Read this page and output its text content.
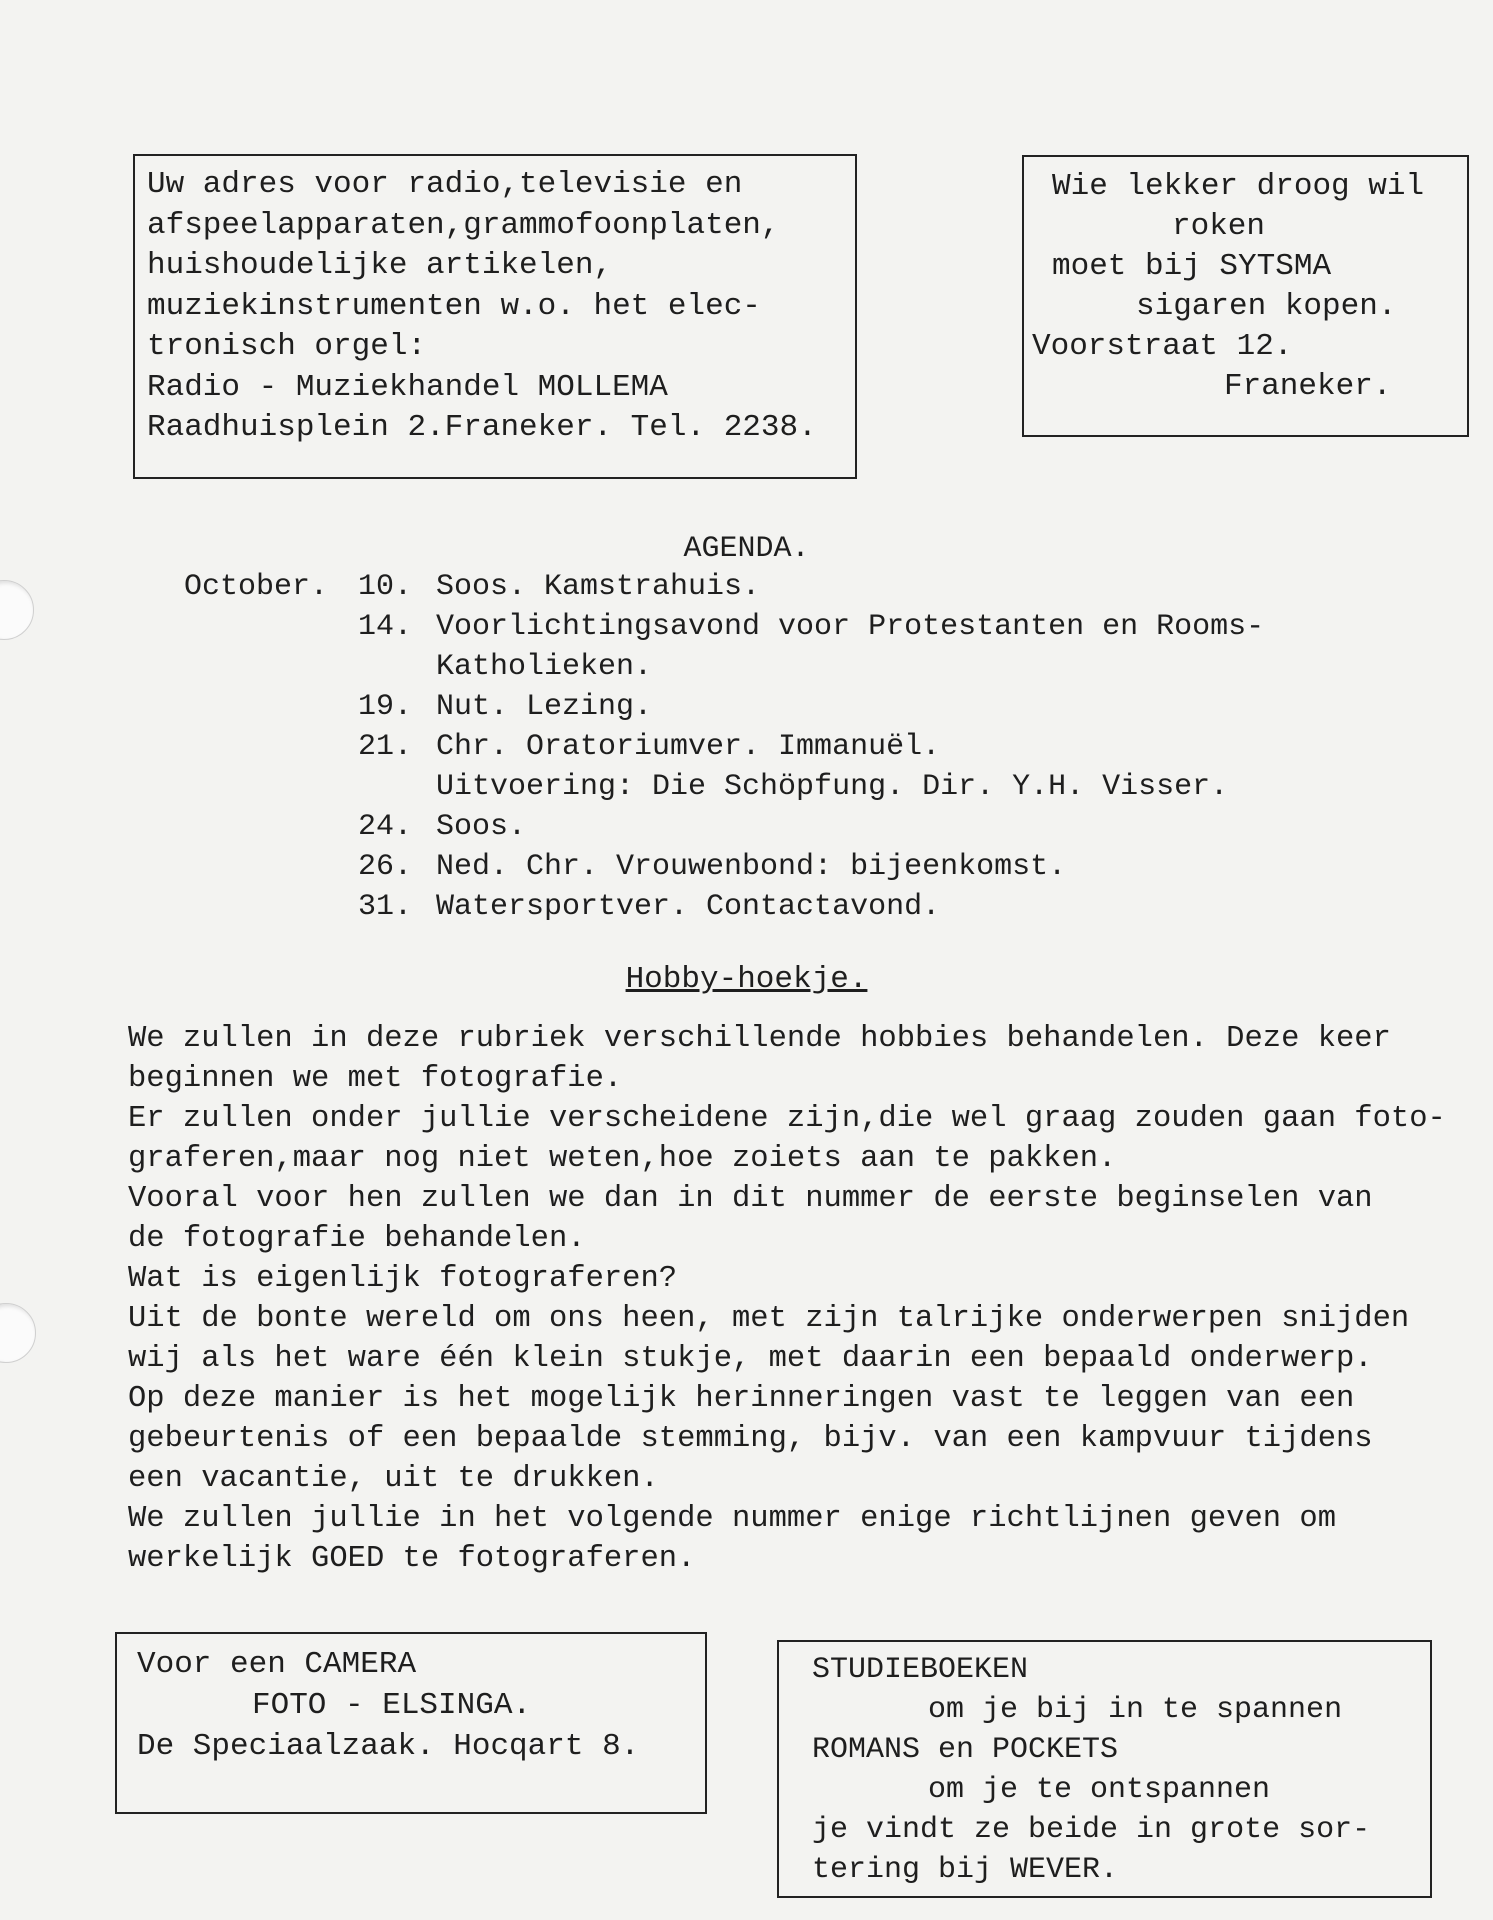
Uw adres voor radio,televisie en
afspeelapparaten,grammofoonplaten,
huishoudelijke artikelen,
muziekinstrumenten w.o. het elec-
tronisch orgel:
Radio - Muziekhandel MOLLEMA
Raadhuisplein 2.Franeker. Tel. 2238.
Wie lekker droog wil
roken
moet bij SYTSMA
sigaren kopen.
Voorstraat 12.
Franeker.
AGENDA.
October. 10. Soos. Kamstrahuis.
14. Voorlichtingsavond voor Protestanten en Rooms-
Katholieken.
19. Nut. Lezing.
21. Chr. Oratoriumver. Immanuël.
Uitvoering: Die Schöpfung. Dir. Y.H. Visser.
24. Soos.
26. Ned. Chr. Vrouwenbond: bijeenkomst.
31. Watersportver. Contactavond.
Hobby-hoekje.
We zullen in deze rubriek verschillende hobbies behandelen. Deze keer
beginnen we met fotografie.
Er zullen onder jullie verscheidene zijn,die wel graag zouden gaan foto-
graferen,maar nog niet weten,hoe zoiets aan te pakken.
Vooral voor hen zullen we dan in dit nummer de eerste beginselen van
de fotografie behandelen.
Wat is eigenlijk fotograferen?
Uit de bonte wereld om ons heen, met zijn talrijke onderwerpen snijden
wij als het ware één klein stukje, met daarin een bepaald onderwerp.
Op deze manier is het mogelijk herinneringen vast te leggen van een
gebeurtenis of een bepaalde stemming, bijv. van een kampvuur tijdens
een vacantie, uit te drukken.
We zullen jullie in het volgende nummer enige richtlijnen geven om
werkelijk GOED te fotograferen.
Voor een CAMERA
FOTO - ELSINGA.
De Speciaalzaak. Hocqart 8.
STUDIEBOEKEN
om je bij in te spannen
ROMANS en POCKETS
om je te ontspannen
je vindt ze beide in grote sor-
tering bij WEVER.
